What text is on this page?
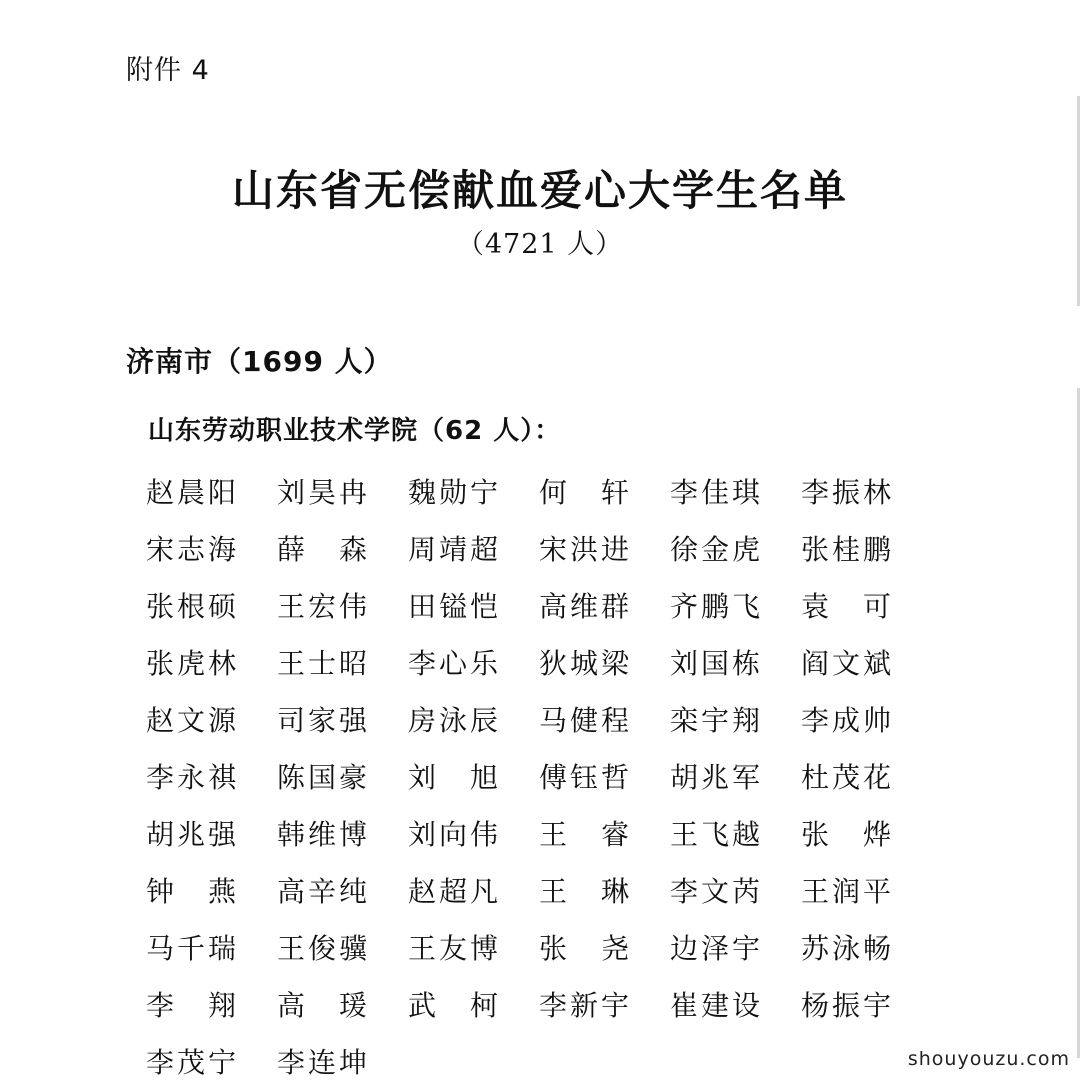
附件 4
山东省无偿献血爱心大学生名单
（4721 人）
济南市（1699 人）
山东劳动职业技术学院（62 人）：
赵晨阳	刘昊冉	魏勋宁	何　轩	李佳琪	李振林
宋志海	薛　森	周靖超	宋洪进	徐金虎	张桂鹏
张根硕	王宏伟	田镒恺	高维群	齐鹏飞	袁　可
张虎林	王士昭	李心乐	狄城梁	刘国栋	阎文斌
赵文源	司家强	房泳辰	马健程	栾宇翔	李成帅
李永祺	陈国豪	刘　旭	傅钰哲	胡兆军	杜茂花
胡兆强	韩维博	刘向伟	王　睿	王飞越	张　烨
钟　燕	高辛纯	赵超凡	王　琳	李文芮	王润平
马千瑞	王俊骥	王友博	张　尧	边泽宇	苏泳畅
李　翔	高　瑗	武　柯	李新宇	崔建设	杨振宇
李茂宁	李连坤	shouyouzu.com
